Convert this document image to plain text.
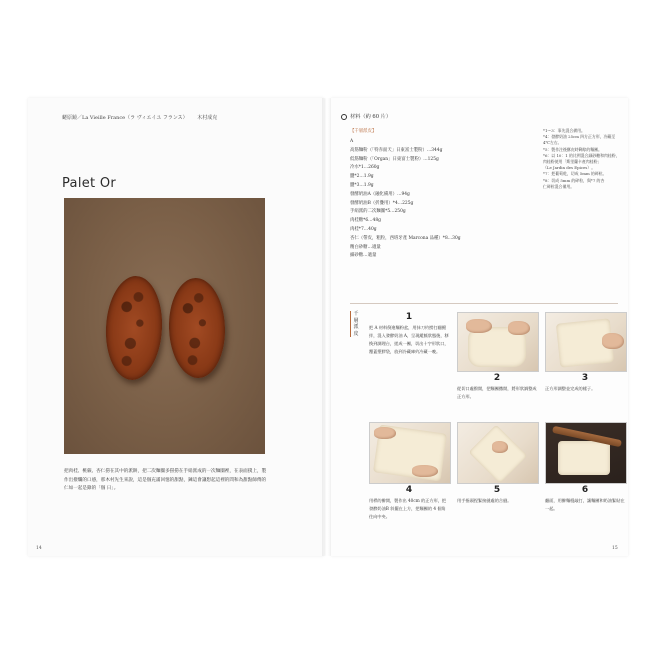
蛯原鏡／La Vieille France（ラ ヴィエイユ フランス） 木村成克
Palet Or
把肉桂、桃蕨、杏仁撈在其中的派餅，把二次麵團多撈撈在手絹派成的一次麵團裡，在表面撲上，製作出撥爛的口感，那木村先生來說，這是個充滿回憶的甜點，鍊這會讓想起這裡的問和為甜點師傅的仁如一起是錄的「個 日」。
14
材料（約 60 片）
【千層派皮】
A
高筋麵粉（「特赤面天」日東富士製粉）…344g
低筋麵粉（「Organ」日東富士製粉）…125g
冷水*1…260g
鹽*2…1.9g
鹽*3…1.9g
發酵奶油A（融化備用）…94g
發酵奶油B（折疊用）*4…225g
手絹派的二次麵團*5…250g
肉桂糖*6…48g
肉桂*7…40g
杏仁（帶皮，粗粒，西班牙產 Marcona 品種）*8…30g
精白砂糖…適量
細砂糖…適量
*1～3：事先混合備用。
*4：發酵奶油 25cm 四方正方形，冷藏至
4℃左右。
*5：製作注後酥皮時剩餘的麵團。
*6：以 10：1 的比例混合細砂糖和肉桂粉，
肉桂粉使用「斯里蘭卡產肉桂粉」
（Le Jardin des Epices）。
*7：把葡萄乾，切成 5mm 的碎粒。
*8：切成 5mm 的碎粒，與*7 的杏
仁碎粒混合備用。
千層派皮
1
把 A 材料倒進麵粉盆，用抹刀約撈打翻攪拌，混入發酵奶油 A，呈現縱脈狀態後，移換到調理台，搓成一團，切出十字形狀口，覆蓋塑膠袋，放到冷藏庫約冷藏一晚。
2
從切口處撥開，把麵團撒開，將形狀調整成正方形。
3
正方形調整並完成的樣子。
4
用桿的擀開，製作出 40cm 的正方形，把發酵奶油B 斜擺在上方，把麵團的 4 個角往向中央。
5
用手指頭捏緊接縫處的合縫。
6
翻面，用擀麵棍敲打，讓麵團和奶油緊貼在一起。
15
